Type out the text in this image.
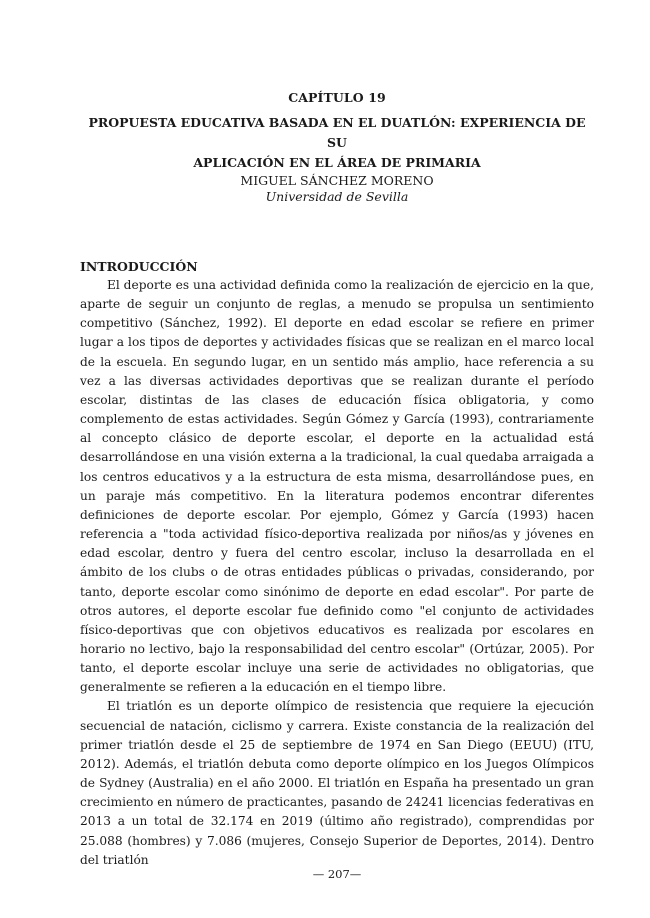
CAPÍTULO 19
PROPUESTA EDUCATIVA BASADA EN EL DUATLÓN: EXPERIENCIA DE SU
APLICACIÓN EN EL ÁREA DE PRIMARIA
MIGUEL SÁNCHEZ MORENO
Universidad de Sevilla
INTRODUCCIÓN

El deporte es una actividad definida como la realización de ejercicio en la que, aparte de seguir un conjunto de reglas, a menudo se propulsa un sentimiento competitivo (Sánchez, 1992). El deporte en edad escolar se refiere en primer lugar a los tipos de deportes y actividades físicas que se realizan en el marco local de la escuela. En segundo lugar, en un sentido más amplio, hace referencia a su vez a las diversas actividades deportivas que se realizan durante el período escolar, distintas de las clases de educación física obligatoria, y como complemento de estas actividades. Según Gómez y García (1993), contrariamente al concepto clásico de deporte escolar, el deporte en la actualidad está desarrollándose en una visión externa a la tradicional, la cual quedaba arraigada a los centros educativos y a la estructura de esta misma, desarrollándose pues, en un paraje más competitivo. En la literatura podemos encontrar diferentes definiciones de deporte escolar. Por ejemplo, Gómez y García (1993) hacen referencia a "toda actividad físico-deportiva realizada por niños/as y jóvenes en edad escolar, dentro y fuera del centro escolar, incluso la desarrollada en el ámbito de los clubs o de otras entidades públicas o privadas, considerando, por tanto, deporte escolar como sinónimo de deporte en edad escolar". Por parte de otros autores, el deporte escolar fue definido como "el conjunto de actividades físico-deportivas que con objetivos educativos es realizada por escolares en horario no lectivo, bajo la responsabilidad del centro escolar" (Ortúzar, 2005). Por tanto, el deporte escolar incluye una serie de actividades no obligatorias, que generalmente se refieren a la educación en el tiempo libre.

El triatlón es un deporte olímpico de resistencia que requiere la ejecución secuencial de natación, ciclismo y carrera. Existe constancia de la realización del primer triatlón desde el 25 de septiembre de 1974 en San Diego (EEUU) (ITU, 2012). Además, el triatlón debuta como deporte olímpico en los Juegos Olímpicos de Sydney (Australia) en el año 2000. El triatlón en España ha presentado un gran crecimiento en número de practicantes, pasando de 24241 licencias federativas en 2013 a un total de 32.174 en 2019 (último año registrado), comprendidas por 25.088 (hombres) y 7.086 (mujeres, Consejo Superior de Deportes, 2014). Dentro del triatlón

— 207—
